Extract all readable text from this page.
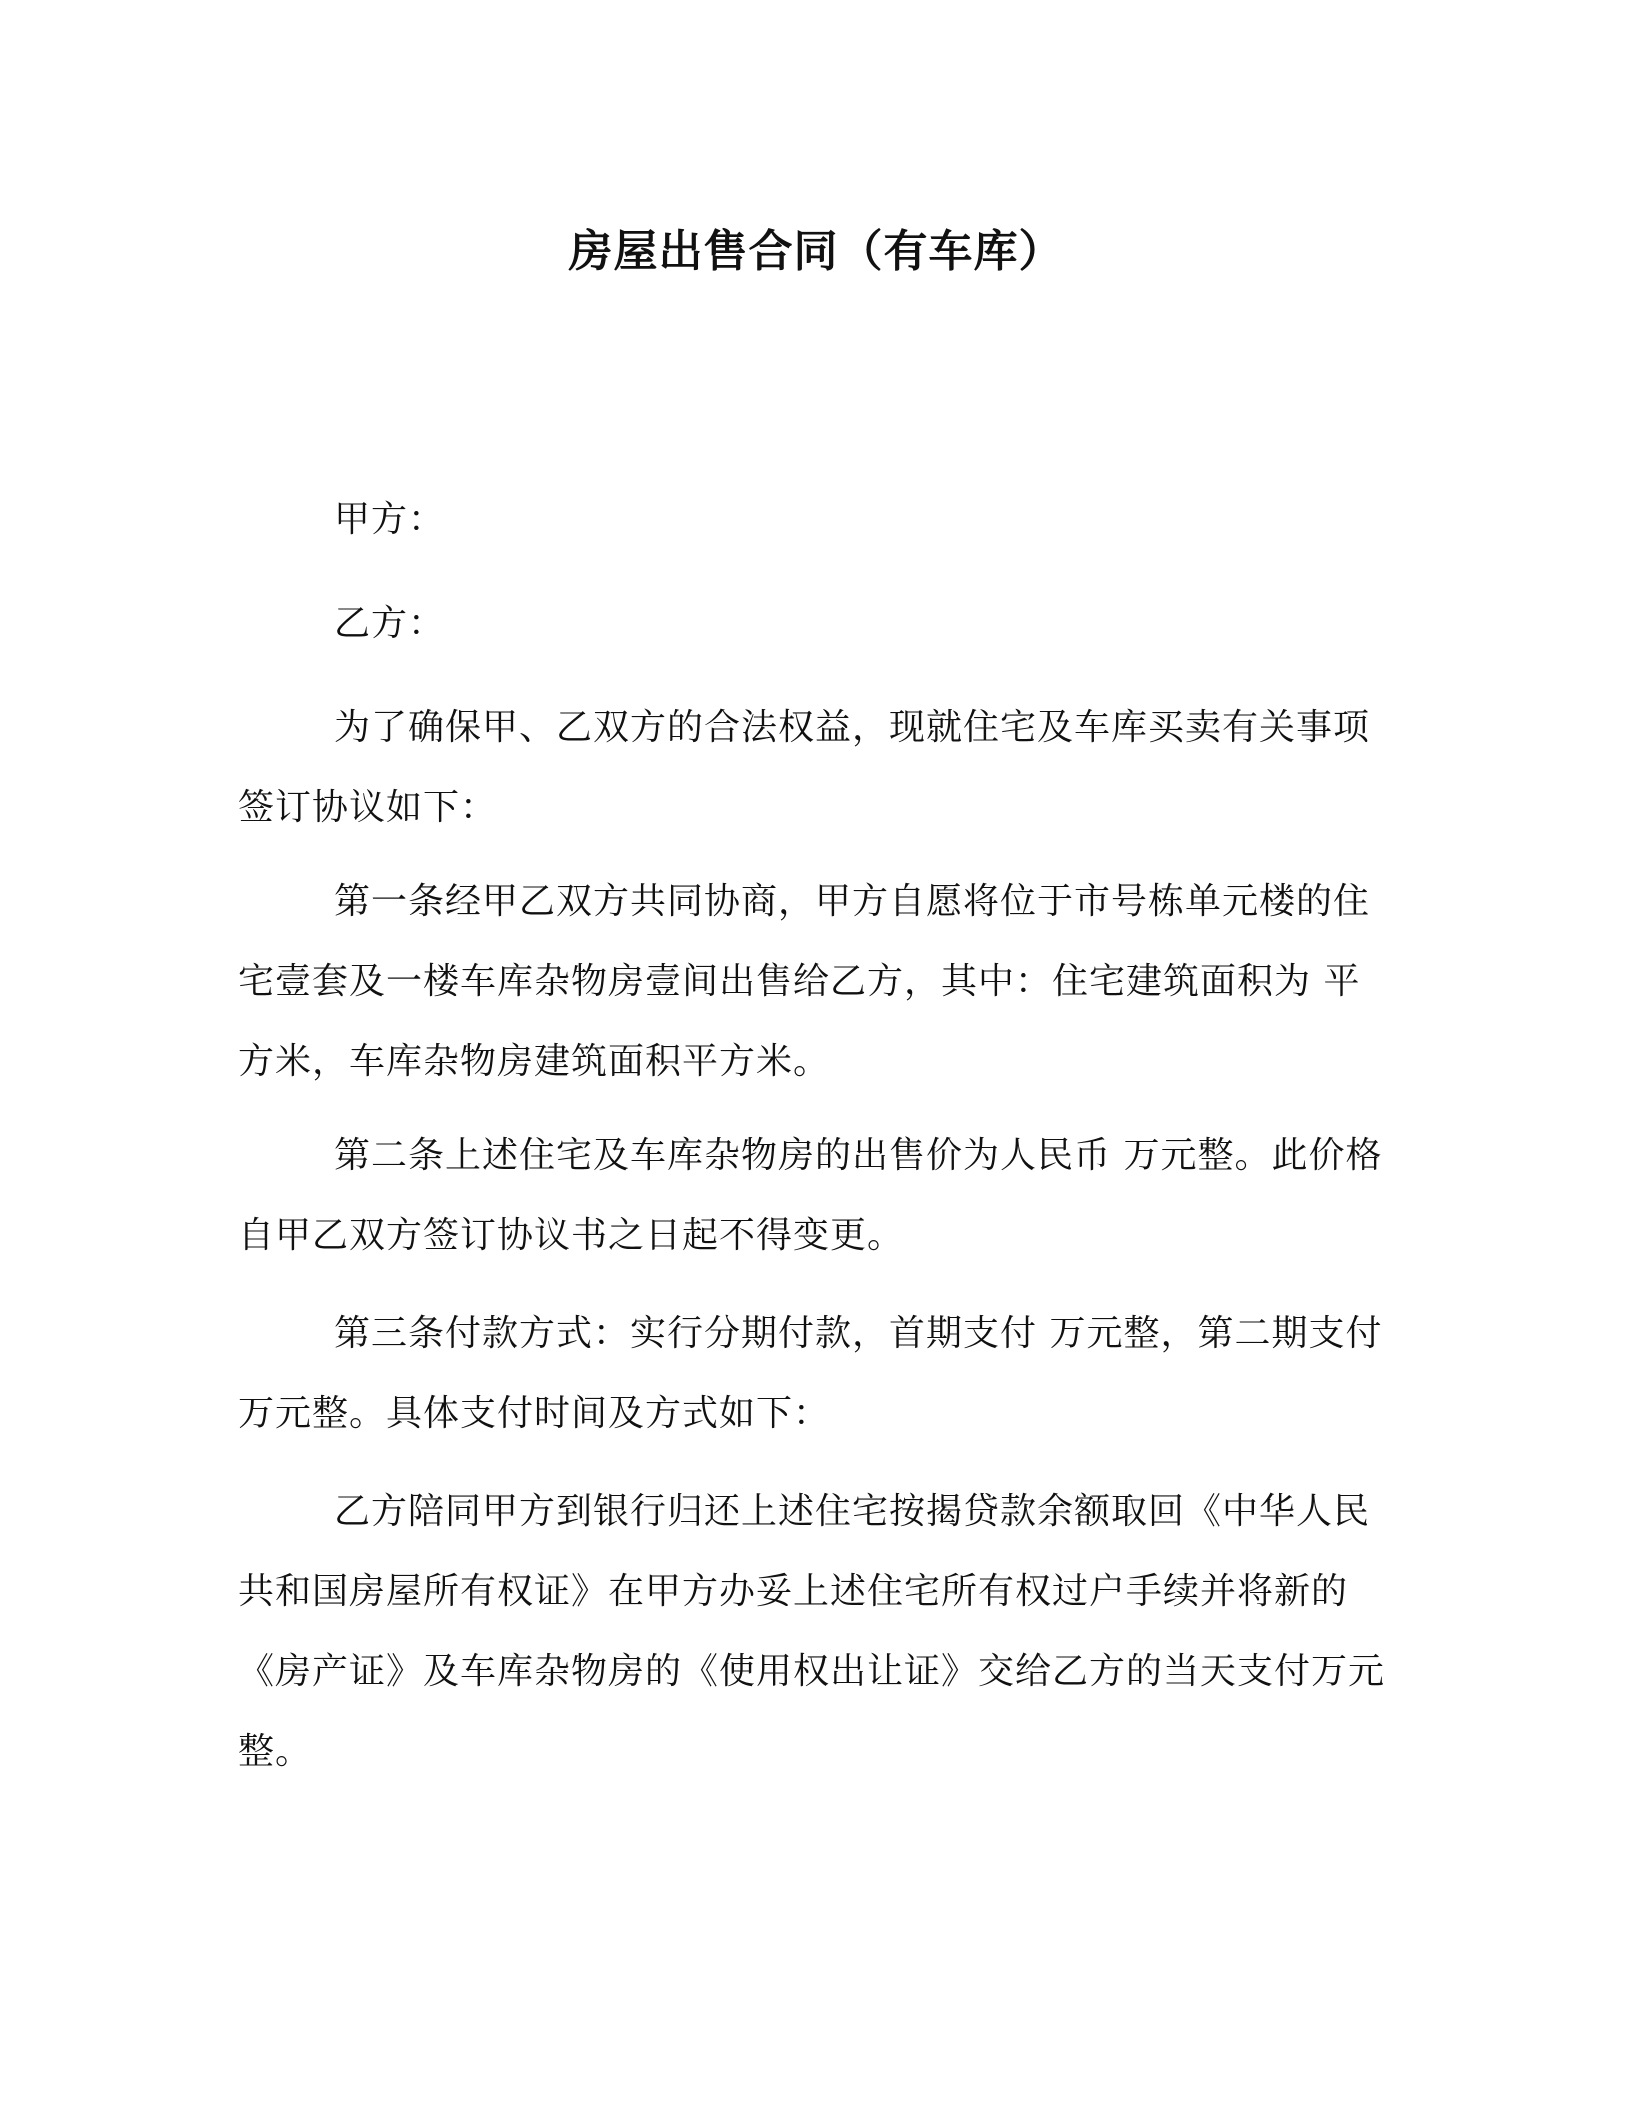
房屋出售合同（有车库）

甲方：

乙方：

为了确保甲、乙双方的合法权益，现就住宅及车库买卖有关事项签订协议如下：

第一条经甲乙双方共同协商，甲方自愿将位于市号栋单元楼的住宅壹套及一楼车库杂物房壹间出售给乙方，其中：住宅建筑面积为 平方米，车库杂物房建筑面积平方米。

第二条上述住宅及车库杂物房的出售价为人民币 万元整。此价格自甲乙双方签订协议书之日起不得变更。

第三条付款方式：实行分期付款，首期支付 万元整，第二期支付万元整。具体支付时间及方式如下：

乙方陪同甲方到银行归还上述住宅按揭贷款余额取回《中华人民共和国房屋所有权证》在甲方办妥上述住宅所有权过户手续并将新的《房产证》及车库杂物房的《使用权出让证》交给乙方的当天支付万元整。
